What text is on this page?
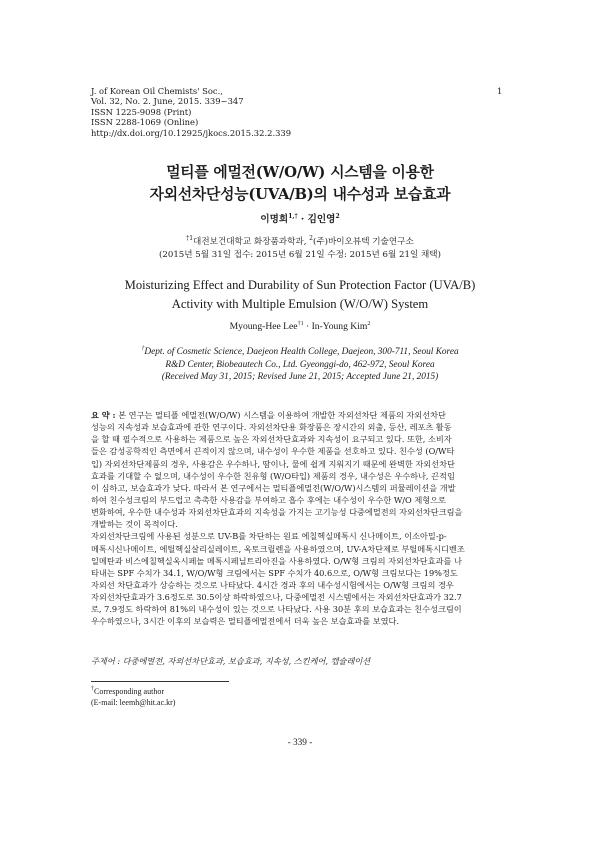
J. of Korean Oil Chemists' Soc.,
Vol. 32, No. 2. June, 2015. 339~347
ISSN 1225-9098 (Print)
ISSN 2288-1069 (Online)
http://dx.doi.org/10.12925/jkocs.2015.32.2.339
1
멀티플 에멀전(W/O/W) 시스템을 이용한
자외선차단성능(UVA/B)의 내수성과 보습효과
이명희$^{1,\dagger}$ · 김인영$^2$
$^{\dagger 1}$대전보건대학교 화장품과학과, $^2$(주)바이오뷰텍 기술연구소
(2015년 5월 31일 접수: 2015년 6월 21일 수정: 2015년 6월 21일 채택)
Moisturizing Effect and Durability of Sun Protection Factor (UVA/B)
Activity with Multiple Emulsion (W/O/W) System
Myoung-Hee Lee$^{\dagger 1}$ · In-Young Kim$^2$
†Dept. of Cosmetic Science, Daejeon Health College, Daejeon, 300-711, Seoul Korea
R&D Center, Biobeautech Co., Ltd. Gyeonggi-do, 462-972, Seoul Korea
(Received May 31, 2015; Revised June 21, 2015; Accepted June 21, 2015)
요 약 : 본 연구는 멀티플 에멀전(W/O/W) 시스템을 이용하여 개발한 자외선차단 제품의 자외선차단
성능의 지속성과 보습효과에 관한 연구이다. 자외선차단용 화장품은 장시간의 외출, 등산, 레포츠 활동
을 할 때 필수적으로 사용하는 제품으로 높은 자외선차단효과와 지속성이 요구되고 있다. 또한, 소비자
들은 감성공학적인 측면에서 끈적이지 않으며, 내수성이 우수한 제품을 선호하고 있다. 친수성 (O/W타
입) 자외선차단제품의 경우, 사용감은 우수하나, 땀이나, 물에 쉽게 지워지기 때문에 완벽한 자외선차단
효과를 기대할 수 없으며, 내수성이 우수한 친유형 (W/O타입) 제품의 경우, 내수성은 우수하나, 끈적임
이 심하고, 보습효과가 낮다. 따라서 본 연구에서는 멀티플에멀전(W/O/W)시스템의 퍼뮬레이션을 개발
하여 친수성크림의 부드럽고 촉촉한 사용감을 부여하고 흡수 후에는 내수성이 우수한 W/O 제형으로
변화하여, 우수한 내수성과 자외선차단효과의 지속성을 가지는 고기능성 다중에멀전의 자외선차단크림을
개발하는 것이 목적이다.
자외선차단크림에 사용된 성분으로 UV-B를 차단하는 원료 에칠헥실메톡시 신나메이트, 이소아밀-p-
메톡시신나메이트, 에틸헥실살리실레이트, 옥토크릴렌을 사용하였으며, UV-A차단제로 부틸메톡시디벤조
일메탄과 비스에칠헥실옥시페놀 메톡시페닐트리아진을 사용하였다. O/W형 크림의 자외선차단효과를 나
타내는 SPF 수치가 34.1, W/O/W형 크림에서는 SPF 수치가 40.6으로, O/W형 크림보다는 19%정도
자외선 차단효과가 상승하는 것으로 나타났다. 4시간 경과 후의 내수성시험에서는 O/W형 크림의 경우
자외선차단효과가 3.6정도로 30.5이상 하락하였으나, 다중에멀전 시스템에서는 자외선차단효과가 32.7
로, 7.9정도 하락하여 81%의 내수성이 있는 것으로 나타났다. 사용 30분 후의 보습효과는 친수성크림이
우수하였으나, 3시간 이후의 보습력은 멀티플에멀전에서 더욱 높은 보습효과를 보였다.
주제어 : 다중에멀전, 자외선차단효과, 보습효과, 지속성, 스킨케어, 캡슐레이션
†Corresponding author
(E-mail: leemh@hit.ac.kr)
- 339 -
